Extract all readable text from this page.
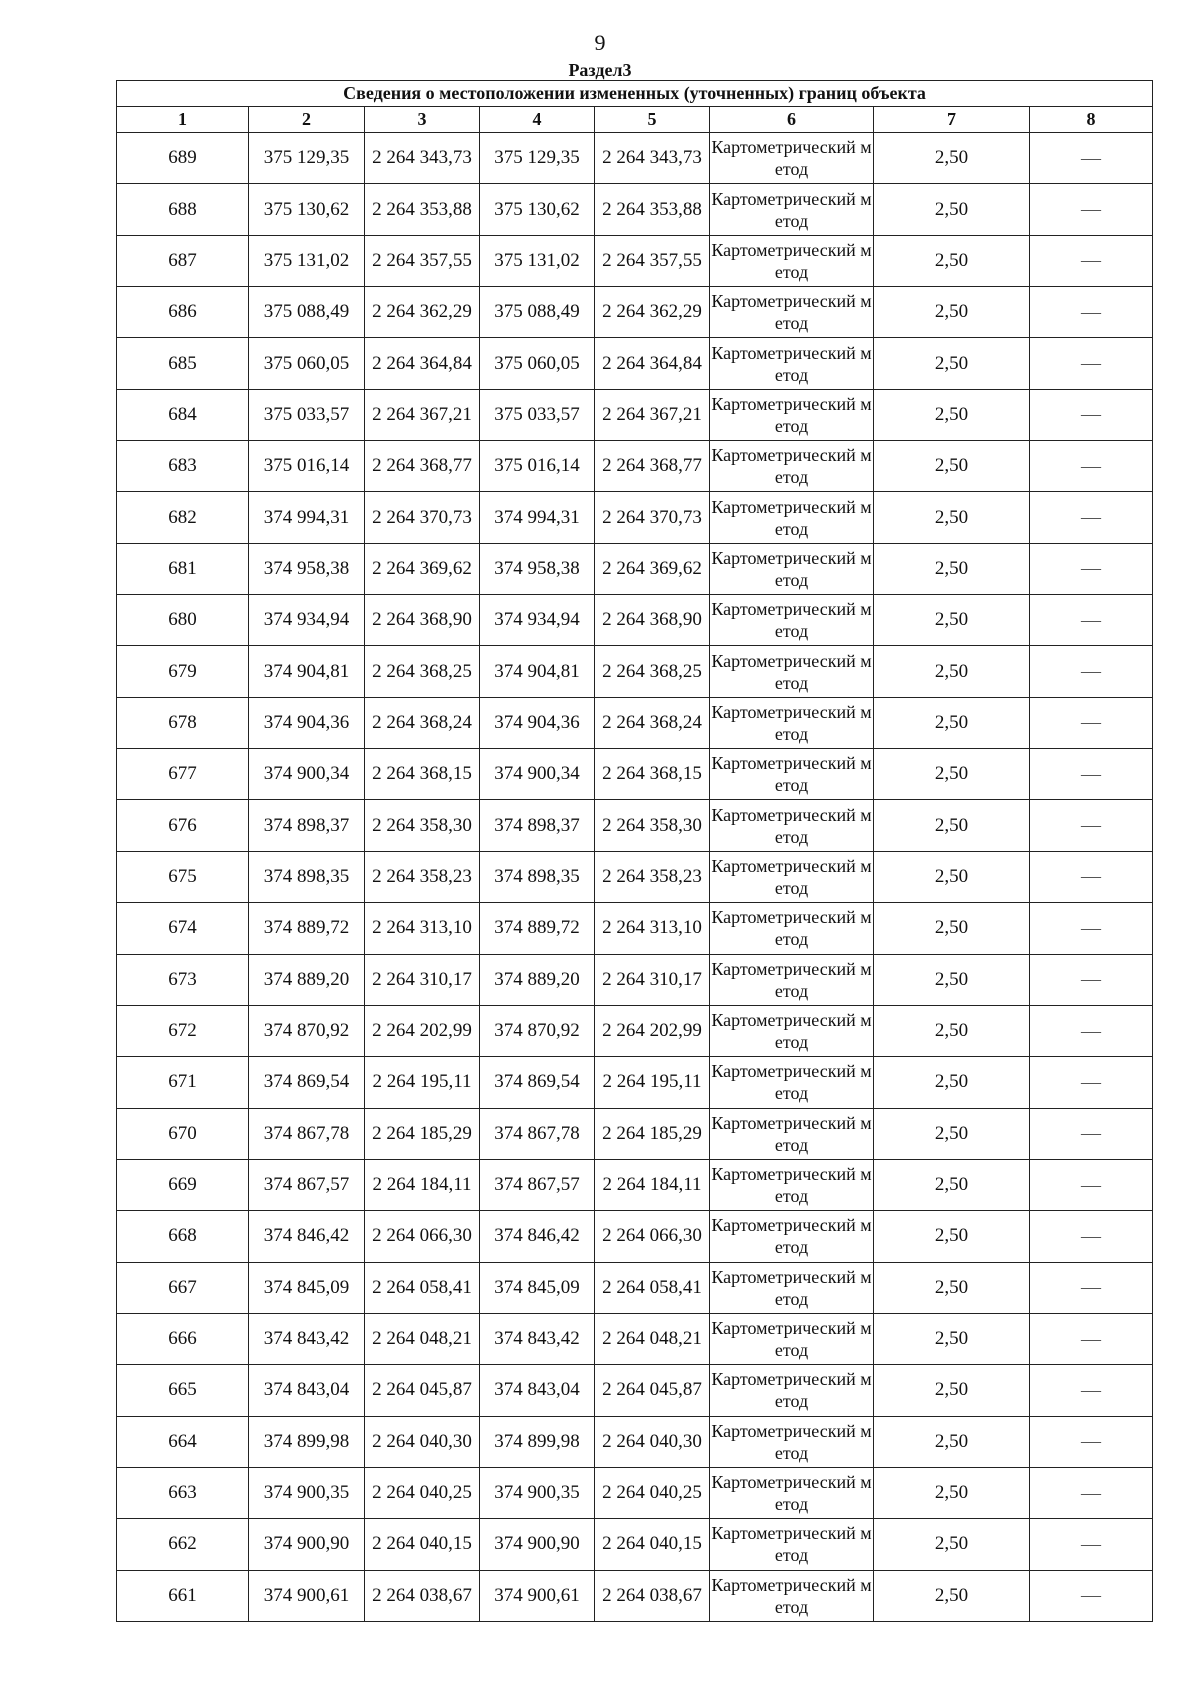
9
Раздел3
Сведения о местоположении измененных (уточненных) границ объекта							
1	2	3	4	5	6	7	8
689	375 129,35	2 264 343,73	375 129,35	2 264 343,73	Картометрический метод	2,50	—
688	375 130,62	2 264 353,88	375 130,62	2 264 353,88	Картометрический метод	2,50	—
687	375 131,02	2 264 357,55	375 131,02	2 264 357,55	Картометрический метод	2,50	—
686	375 088,49	2 264 362,29	375 088,49	2 264 362,29	Картометрический метод	2,50	—
685	375 060,05	2 264 364,84	375 060,05	2 264 364,84	Картометрический метод	2,50	—
684	375 033,57	2 264 367,21	375 033,57	2 264 367,21	Картометрический метод	2,50	—
683	375 016,14	2 264 368,77	375 016,14	2 264 368,77	Картометрический метод	2,50	—
682	374 994,31	2 264 370,73	374 994,31	2 264 370,73	Картометрический метод	2,50	—
681	374 958,38	2 264 369,62	374 958,38	2 264 369,62	Картометрический метод	2,50	—
680	374 934,94	2 264 368,90	374 934,94	2 264 368,90	Картометрический метод	2,50	—
679	374 904,81	2 264 368,25	374 904,81	2 264 368,25	Картометрический метод	2,50	—
678	374 904,36	2 264 368,24	374 904,36	2 264 368,24	Картометрический метод	2,50	—
677	374 900,34	2 264 368,15	374 900,34	2 264 368,15	Картометрический метод	2,50	—
676	374 898,37	2 264 358,30	374 898,37	2 264 358,30	Картометрический метод	2,50	—
675	374 898,35	2 264 358,23	374 898,35	2 264 358,23	Картометрический метод	2,50	—
674	374 889,72	2 264 313,10	374 889,72	2 264 313,10	Картометрический метод	2,50	—
673	374 889,20	2 264 310,17	374 889,20	2 264 310,17	Картометрический метод	2,50	—
672	374 870,92	2 264 202,99	374 870,92	2 264 202,99	Картометрический метод	2,50	—
671	374 869,54	2 264 195,11	374 869,54	2 264 195,11	Картометрический метод	2,50	—
670	374 867,78	2 264 185,29	374 867,78	2 264 185,29	Картометрический метод	2,50	—
669	374 867,57	2 264 184,11	374 867,57	2 264 184,11	Картометрический метод	2,50	—
668	374 846,42	2 264 066,30	374 846,42	2 264 066,30	Картометрический метод	2,50	—
667	374 845,09	2 264 058,41	374 845,09	2 264 058,41	Картометрический метод	2,50	—
666	374 843,42	2 264 048,21	374 843,42	2 264 048,21	Картометрический метод	2,50	—
665	374 843,04	2 264 045,87	374 843,04	2 264 045,87	Картометрический метод	2,50	—
664	374 899,98	2 264 040,30	374 899,98	2 264 040,30	Картометрический метод	2,50	—
663	374 900,35	2 264 040,25	374 900,35	2 264 040,25	Картометрический метод	2,50	—
662	374 900,90	2 264 040,15	374 900,90	2 264 040,15	Картометрический метод	2,50	—
661	374 900,61	2 264 038,67	374 900,61	2 264 038,67	Картометрический метод	2,50	—
